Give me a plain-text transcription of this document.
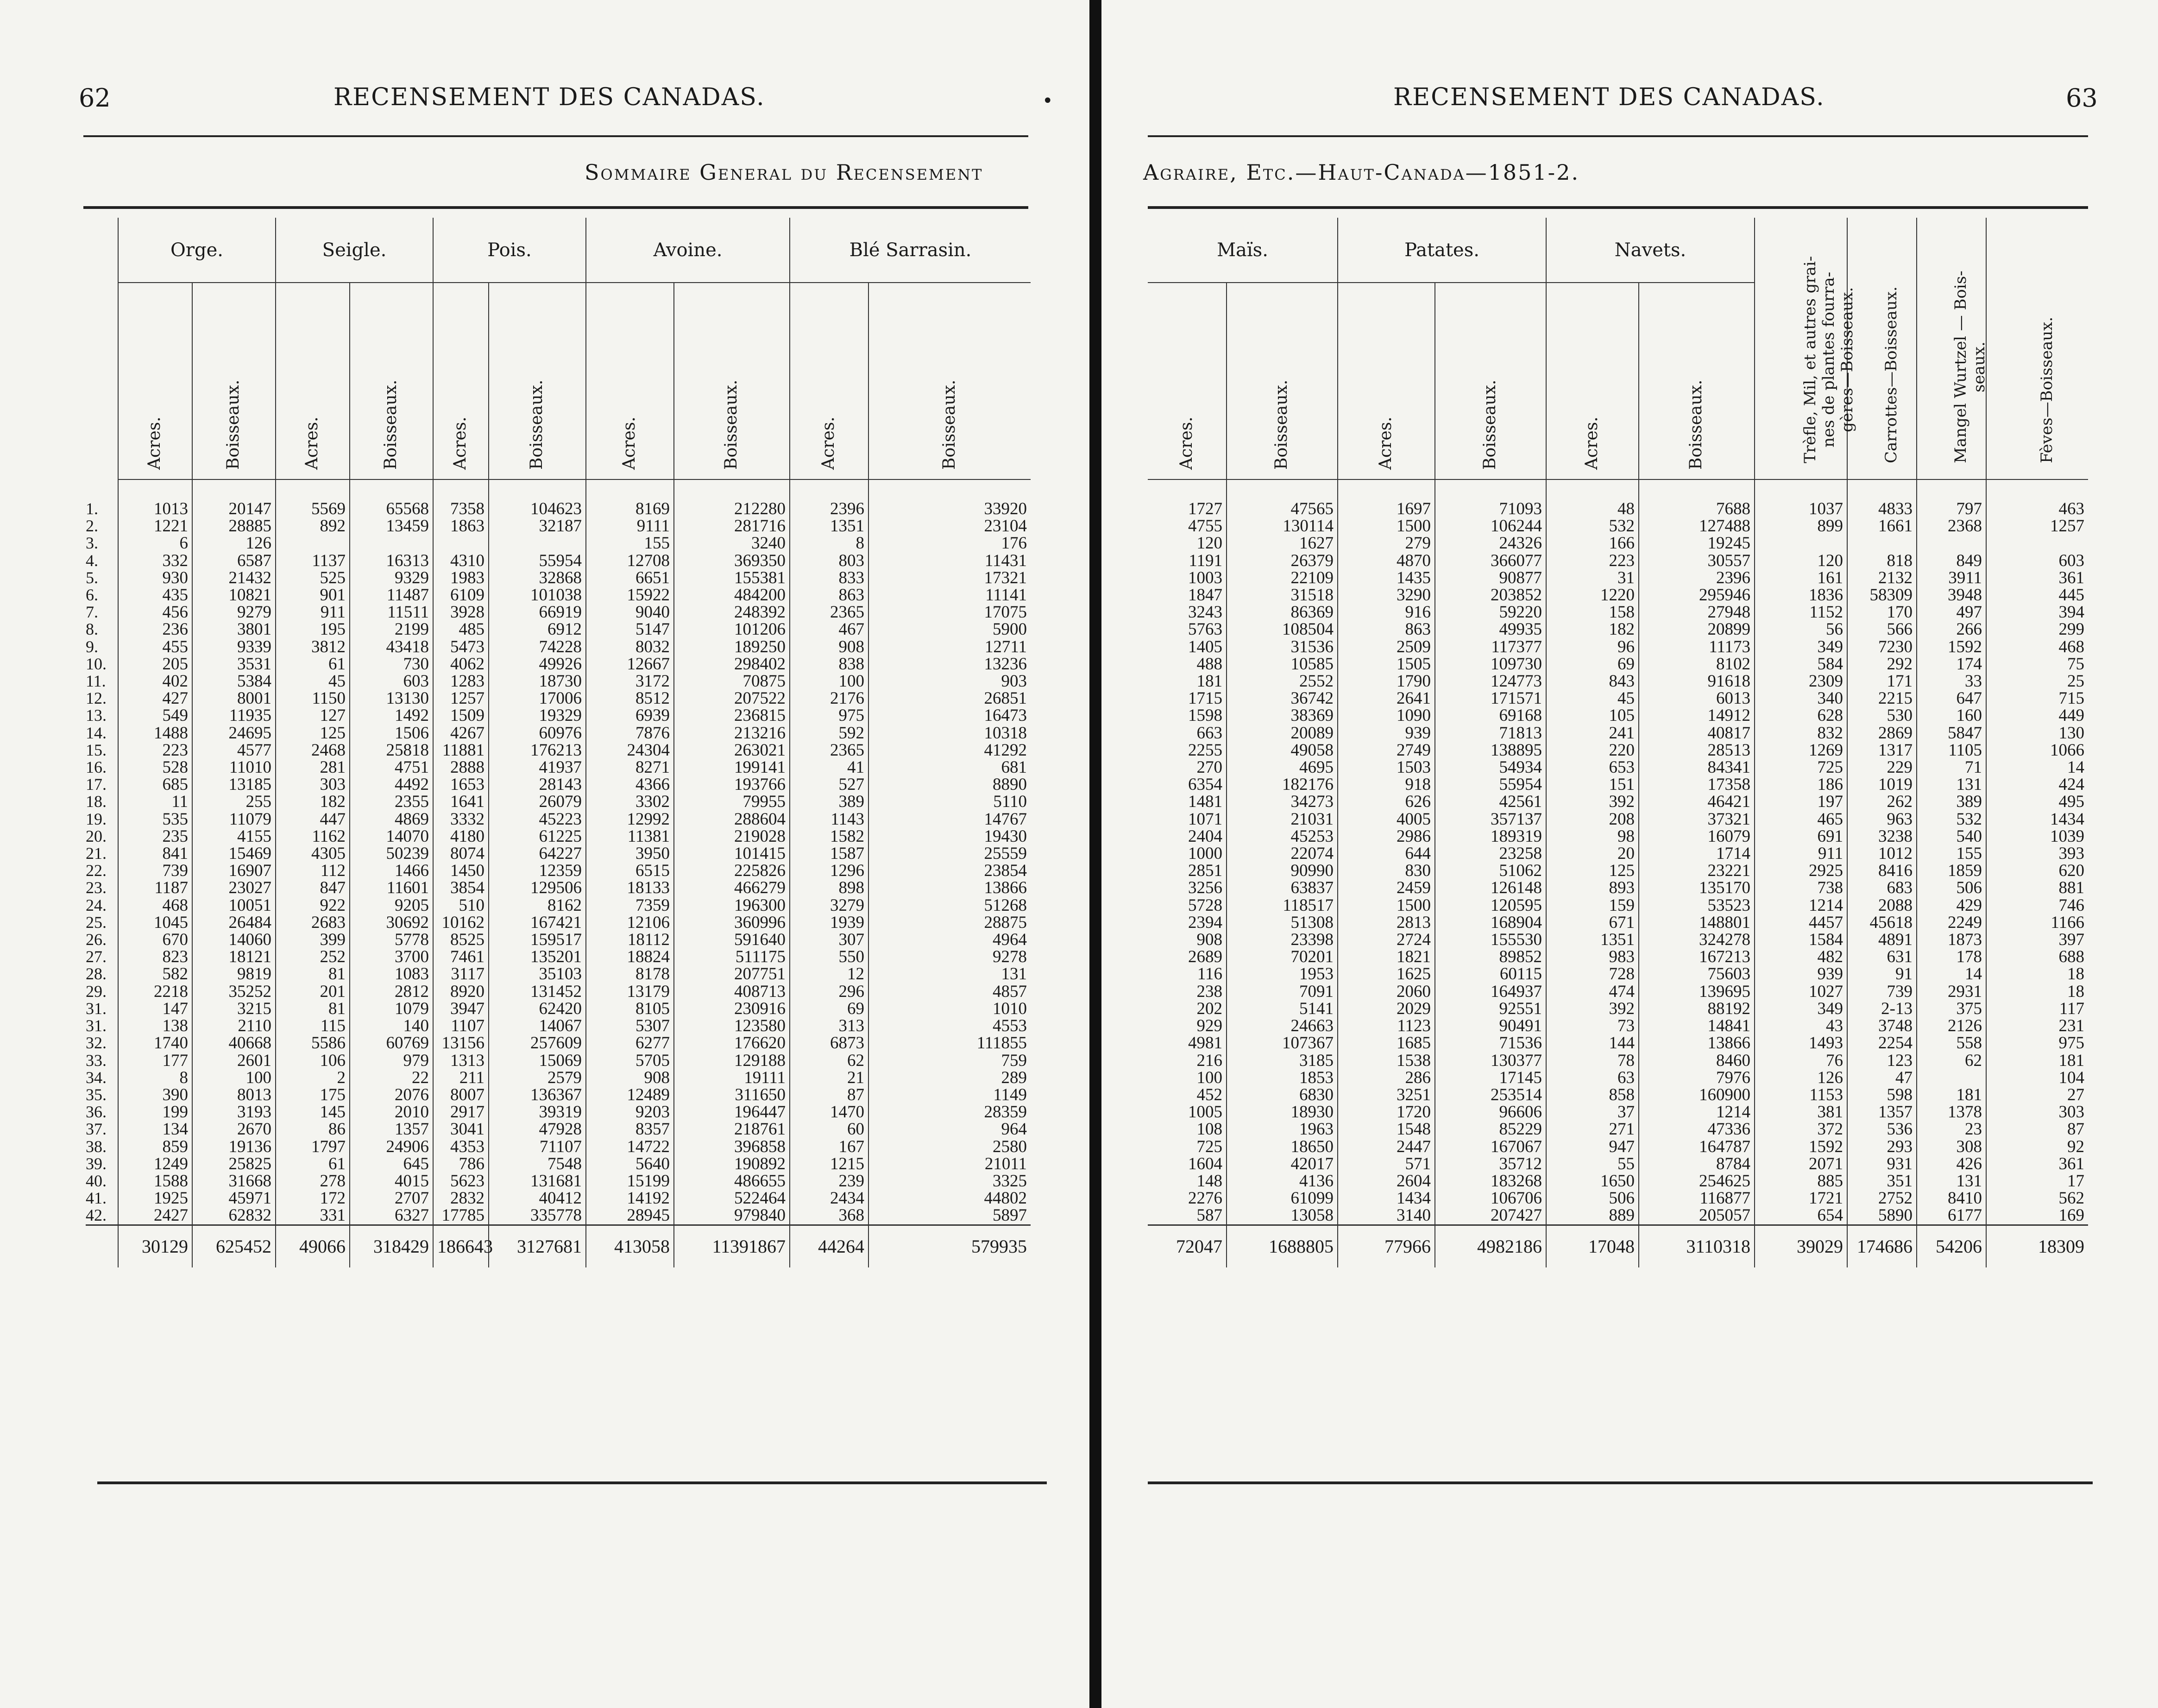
62	RECENSEMENT DES CANADAS.	•
Sommaire General du Recensement
	Orge.		Seigle.		Pois.		Avoine.		Blé Sarrasin.	

	Acres.	Boisseaux.	Acres.	Boisseaux.	Acres.	Boisseaux.	Acres.	Boisseaux.	Acres.	Boisseaux.

1.	1013	20147	5569	65568	7358	104623	8169	212280	2396	33920
2.	1221	28885	892	13459	1863	32187	9111	281716	1351	23104
3.	6	126					155	3240	8	176
4.	332	6587	1137	16313	4310	55954	12708	369350	803	11431
5.	930	21432	525	9329	1983	32868	6651	155381	833	17321
6.	435	10821	901	11487	6109	101038	15922	484200	863	11141
7.	456	9279	911	11511	3928	66919	9040	248392	2365	17075
8.	236	3801	195	2199	485	6912	5147	101206	467	5900
9.	455	9339	3812	43418	5473	74228	8032	189250	908	12711
10.	205	3531	61	730	4062	49926	12667	298402	838	13236
11.	402	5384	45	603	1283	18730	3172	70875	100	903
12.	427	8001	1150	13130	1257	17006	8512	207522	2176	26851
13.	549	11935	127	1492	1509	19329	6939	236815	975	16473
14.	1488	24695	125	1506	4267	60976	7876	213216	592	10318
15.	223	4577	2468	25818	11881	176213	24304	263021	2365	41292
16.	528	11010	281	4751	2888	41937	8271	199141	41	681
17.	685	13185	303	4492	1653	28143	4366	193766	527	8890
18.	11	255	182	2355	1641	26079	3302	79955	389	5110
19.	535	11079	447	4869	3332	45223	12992	288604	1143	14767
20.	235	4155	1162	14070	4180	61225	11381	219028	1582	19430
21.	841	15469	4305	50239	8074	64227	3950	101415	1587	25559
22.	739	16907	112	1466	1450	12359	6515	225826	1296	23854
23.	1187	23027	847	11601	3854	129506	18133	466279	898	13866
24.	468	10051	922	9205	510	8162	7359	196300	3279	51268
25.	1045	26484	2683	30692	10162	167421	12106	360996	1939	28875
26.	670	14060	399	5778	8525	159517	18112	591640	307	4964
27.	823	18121	252	3700	7461	135201	18824	511175	550	9278
28.	582	9819	81	1083	3117	35103	8178	207751	12	131
29.	2218	35252	201	2812	8920	131452	13179	408713	296	4857
31.	147	3215	81	1079	3947	62420	8105	230916	69	1010
31.	138	2110	115	140	1107	14067	5307	123580	313	4553
32.	1740	40668	5586	60769	13156	257609	6277	176620	6873	111855
33.	177	2601	106	979	1313	15069	5705	129188	62	759
34.	8	100	2	22	211	2579	908	19111	21	289
35.	390	8013	175	2076	8007	136367	12489	311650	87	1149
36.	199	3193	145	2010	2917	39319	9203	196447	1470	28359
37.	134	2670	86	1357	3041	47928	8357	218761	60	964
38.	859	19136	1797	24906	4353	71107	14722	396858	167	2580
39.	1249	25825	61	645	786	7548	5640	190892	1215	21011
40.	1588	31668	278	4015	5623	131681	15199	486655	239	3325
41.	1925	45971	172	2707	2832	40412	14192	522464	2434	44802
42.	2427	62832	331	6327	17785	335778	28945	979840	368	5897
	30129	625452	49066	318429	186643	3127681	413058	11391867	44264	579935
RECENSEMENT DES CANADAS.	63
Agraire, Etc.—Haut-Canada—1851-2.
Maïs.		Patates.		Navets.		Trèfle, Mil, et autres grai-
nes de plantes fourra-
gères—Boisseaux.	Carrottes—Boisseaux.	Mangel Wurtzel — Bois-
seaux.	Fèves—Boisseaux.

Acres.	Boisseaux.	Acres.	Boisseaux.	Acres.	Boisseaux.				

1727	47565	1697	71093	48	7688	1037	4833	797	463
4755	130114	1500	106244	532	127488	899	1661	2368	1257
120	1627	279	24326	166	19245				
1191	26379	4870	366077	223	30557	120	818	849	603
1003	22109	1435	90877	31	2396	161	2132	3911	361
1847	31518	3290	203852	1220	295946	1836	58309	3948	445
3243	86369	916	59220	158	27948	1152	170	497	394
5763	108504	863	49935	182	20899	56	566	266	299
1405	31536	2509	117377	96	11173	349	7230	1592	468
488	10585	1505	109730	69	8102	584	292	174	75
181	2552	1790	124773	843	91618	2309	171	33	25
1715	36742	2641	171571	45	6013	340	2215	647	715
1598	38369	1090	69168	105	14912	628	530	160	449
663	20089	939	71813	241	40817	832	2869	5847	130
2255	49058	2749	138895	220	28513	1269	1317	1105	1066
270	4695	1503	54934	653	84341	725	229	71	14
6354	182176	918	55954	151	17358	186	1019	131	424
1481	34273	626	42561	392	46421	197	262	389	495
1071	21031	4005	357137	208	37321	465	963	532	1434
2404	45253	2986	189319	98	16079	691	3238	540	1039
1000	22074	644	23258	20	1714	911	1012	155	393
2851	90990	830	51062	125	23221	2925	8416	1859	620
3256	63837	2459	126148	893	135170	738	683	506	881
5728	118517	1500	120595	159	53523	1214	2088	429	746
2394	51308	2813	168904	671	148801	4457	45618	2249	1166
908	23398	2724	155530	1351	324278	1584	4891	1873	397
2689	70201	1821	89852	983	167213	482	631	178	688
116	1953	1625	60115	728	75603	939	91	14	18
238	7091	2060	164937	474	139695	1027	739	2931	18
202	5141	2029	92551	392	88192	349	2-13	375	117
929	24663	1123	90491	73	14841	43	3748	2126	231
4981	107367	1685	71536	144	13866	1493	2254	558	975
216	3185	1538	130377	78	8460	76	123	62	181
100	1853	286	17145	63	7976	126	47		104
452	6830	3251	253514	858	160900	1153	598	181	27
1005	18930	1720	96606	37	1214	381	1357	1378	303
108	1963	1548	85229	271	47336	372	536	23	87
725	18650	2447	167067	947	164787	1592	293	308	92
1604	42017	571	35712	55	8784	2071	931	426	361
148	4136	2604	183268	1650	254625	885	351	131	17
2276	61099	1434	106706	506	116877	1721	2752	8410	562
587	13058	3140	207427	889	205057	654	5890	6177	169
72047	1688805	77966	4982186	17048	3110318	39029	174686	54206	18309
